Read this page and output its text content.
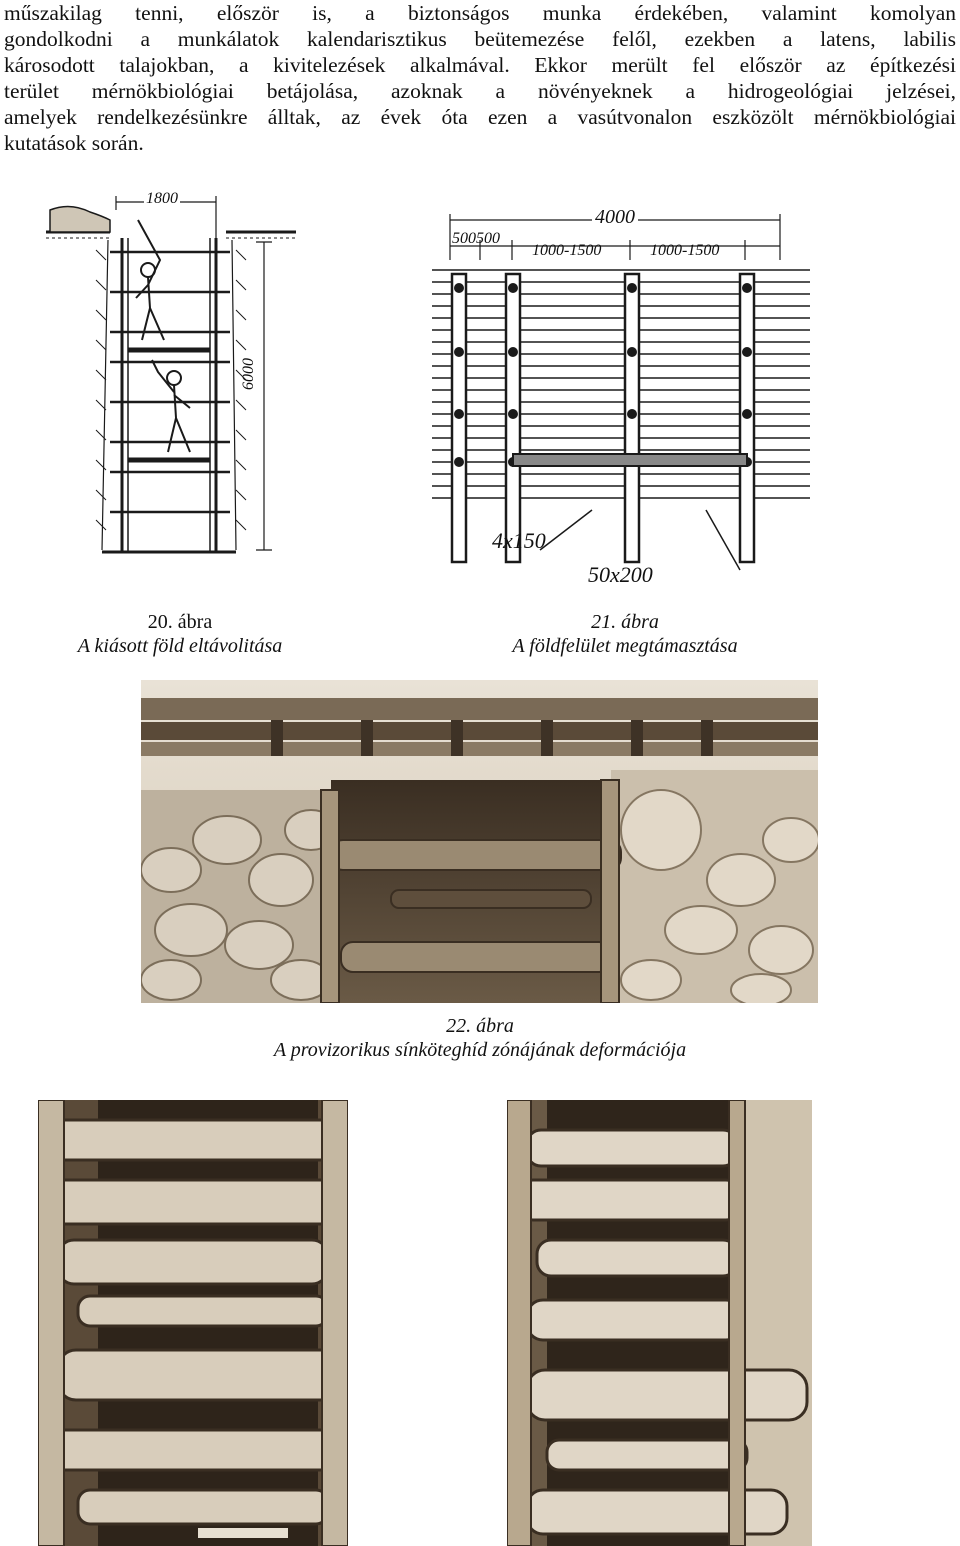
műszakilag tenni, először is, a biztonságos munka érdekében, valamint komolyan
gondolkodni a munkálatok kalendarisztikus beütemezése felől, ezekben a latens, labilis
károsodott talajokban, a kivitelezések alkalmával. Ekkor merült fel először az építkezési
terület mérnökbiológiai betájolása, azoknak a növényeknek a hidrogeológiai jelzései,
amelyek rendelkezésünkre álltak, az évek óta ezen a vasútvonalon eszközölt mérnökbiológiai
kutatások során.
1800
6000
4000
500500
1000-1500	1000-1500
4x150
50x200
20. ábra
A kiásott föld eltávolitása
21. ábra
A földfelület megtámasztása
22. ábra
A provizorikus sínköteghíd zónájának deformációja
